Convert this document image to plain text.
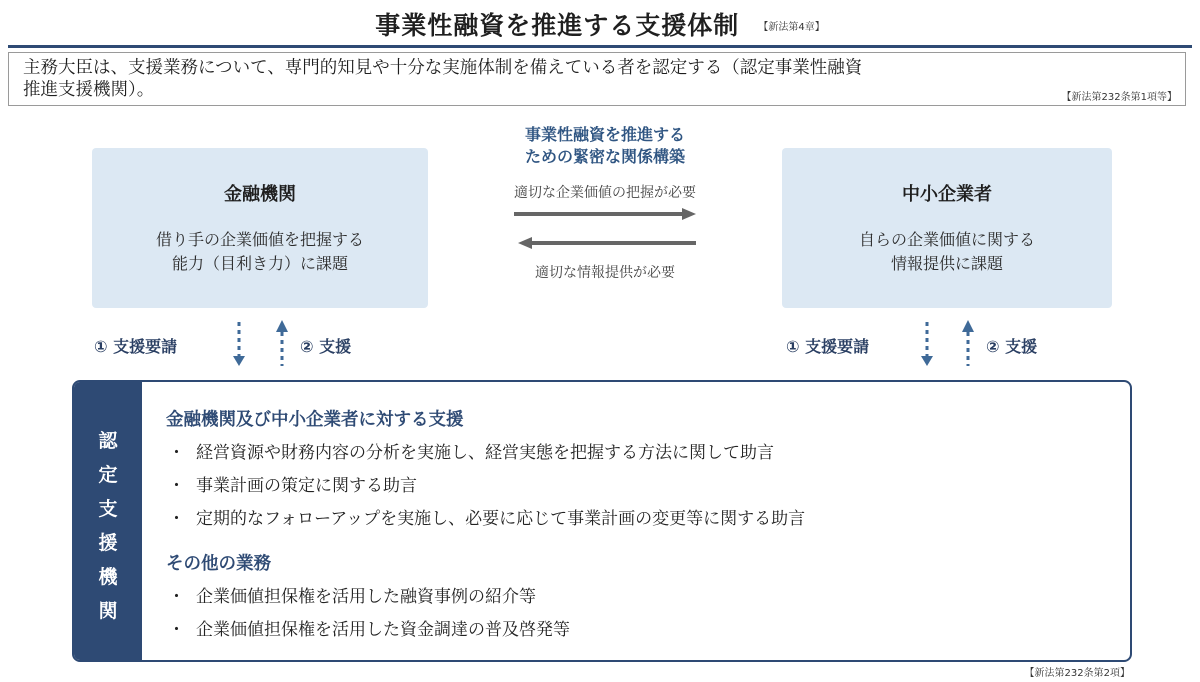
事業性融資を推進する支援体制 $^{【新法第4章】}$
主務大臣は、支援業務について、専門的知見や十分な実施体制を備えている者を認定する（認定事業性融資
推進支援機関）。	【新法第232条第1項等】
金融機関
借り手の企業価値を把握する
能力（目利き力）に課題
中小企業者
自らの企業価値に関する
情報提供に課題
事業性融資を推進する
ための緊密な関係構築
適切な企業価値の把握が必要
適切な情報提供が必要
① 支援要請	② 支援	① 支援要請	② 支援
認
定
支
援
機
関
金融機関及び中小企業者に対する支援
・ 経営資源や財務内容の分析を実施し、経営実態を把握する方法に関して助言
・ 事業計画の策定に関する助言
・ 定期的なフォローアップを実施し、必要に応じて事業計画の変更等に関する助言
その他の業務
・ 企業価値担保権を活用した融資事例の紹介等
・ 企業価値担保権を活用した資金調達の普及啓発等
【新法第232条第2項】
